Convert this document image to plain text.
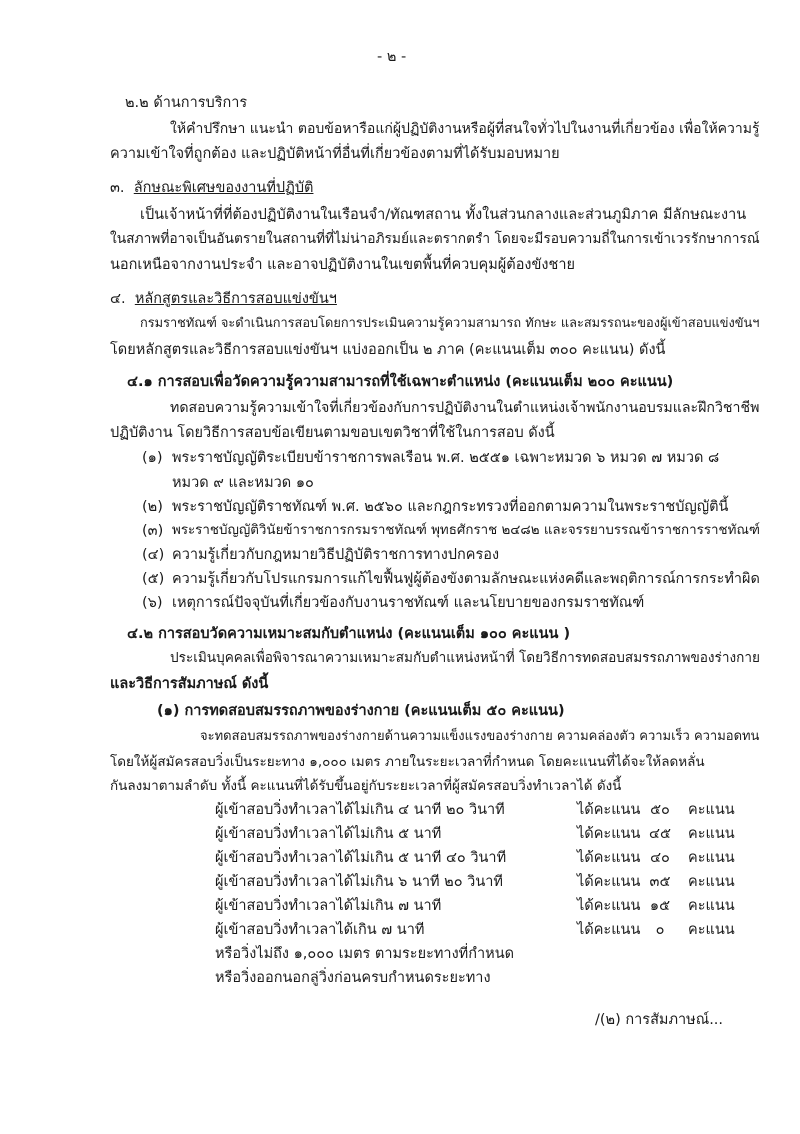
- ๒ -
๒.๒ ด้านการบริการ
ให้คำปรึกษา แนะนำ ตอบข้อหารือแก่ผู้ปฏิบัติงานหรือผู้ที่สนใจทั่วไปในงานที่เกี่ยวข้อง เพื่อให้ความรู้
ความเข้าใจที่ถูกต้อง และปฏิบัติหน้าที่อื่นที่เกี่ยวข้องตามที่ได้รับมอบหมาย
๓. ลักษณะพิเศษของงานที่ปฏิบัติ
เป็นเจ้าหน้าที่ที่ต้องปฏิบัติงานในเรือนจำ/ทัณฑสถาน ทั้งในส่วนกลางและส่วนภูมิภาค มีลักษณะงาน
ในสภาพที่อาจเป็นอันตรายในสถานที่ที่ไม่น่าอภิรมย์และตรากตรำ โดยจะมีรอบความถี่ในการเข้าเวรรักษาการณ์
นอกเหนือจากงานประจำ และอาจปฏิบัติงานในเขตพื้นที่ควบคุมผู้ต้องขังชาย
๔. หลักสูตรและวิธีการสอบแข่งขันฯ
กรมราชทัณฑ์ จะดำเนินการสอบโดยการประเมินความรู้ความสามารถ ทักษะ และสมรรถนะของผู้เข้าสอบแข่งขันฯ
โดยหลักสูตรและวิธีการสอบแข่งขันฯ แบ่งออกเป็น ๒ ภาค (คะแนนเต็ม ๓๐๐ คะแนน) ดังนี้
๔.๑ การสอบเพื่อวัดความรู้ความสามารถที่ใช้เฉพาะตำแหน่ง (คะแนนเต็ม ๒๐๐ คะแนน)
ทดสอบความรู้ความเข้าใจที่เกี่ยวข้องกับการปฏิบัติงานในตำแหน่งเจ้าพนักงานอบรมและฝึกวิชาชีพ
ปฏิบัติงาน โดยวิธีการสอบข้อเขียนตามขอบเขตวิชาที่ใช้ในการสอบ ดังนี้
(๑) พระราชบัญญัติระเบียบข้าราชการพลเรือน พ.ศ. ๒๕๕๑ เฉพาะหมวด ๖ หมวด ๗ หมวด ๘
หมวด ๙ และหมวด ๑๐
(๒) พระราชบัญญัติราชทัณฑ์ พ.ศ. ๒๕๖๐ และกฎกระทรวงที่ออกตามความในพระราชบัญญัตินี้
(๓) พระราชบัญญัติวินัยข้าราชการกรมราชทัณฑ์ พุทธศักราช ๒๔๘๒ และจรรยาบรรณข้าราชการราชทัณฑ์
(๔) ความรู้เกี่ยวกับกฎหมายวิธีปฏิบัติราชการทางปกครอง
(๕) ความรู้เกี่ยวกับโปรแกรมการแก้ไขฟื้นฟูผู้ต้องขังตามลักษณะแห่งคดีและพฤติการณ์การกระทำผิด
(๖) เหตุการณ์ปัจจุบันที่เกี่ยวข้องกับงานราชทัณฑ์ และนโยบายของกรมราชทัณฑ์
๔.๒ การสอบวัดความเหมาะสมกับตำแหน่ง (คะแนนเต็ม ๑๐๐ คะแนน )
ประเมินบุคคลเพื่อพิจารณาความเหมาะสมกับตำแหน่งหน้าที่ โดยวิธีการทดสอบสมรรถภาพของร่างกาย
และวิธีการสัมภาษณ์ ดังนี้
(๑) การทดสอบสมรรถภาพของร่างกาย (คะแนนเต็ม ๕๐ คะแนน)
จะทดสอบสมรรถภาพของร่างกายด้านความแข็งแรงของร่างกาย ความคล่องตัว ความเร็ว ความอดทน
โดยให้ผู้สมัครสอบวิ่งเป็นระยะทาง ๑,๐๐๐ เมตร ภายในระยะเวลาที่กำหนด โดยคะแนนที่ได้จะให้ลดหลั่น
กันลงมาตามลำดับ ทั้งนี้ คะแนนที่ได้รับขึ้นอยู่กับระยะเวลาที่ผู้สมัครสอบวิ่งทำเวลาได้ ดังนี้
ผู้เข้าสอบวิ่งทำเวลาได้ไม่เกิน ๔ นาที ๒๐ วินาที	ได้คะแนน ๕๐	คะแนน
ผู้เข้าสอบวิ่งทำเวลาได้ไม่เกิน ๕ นาที	ได้คะแนน ๔๕ คะแนน
ผู้เข้าสอบวิ่งทำเวลาได้ไม่เกิน ๕ นาที ๔๐ วินาที	ได้คะแนน ๔๐	คะแนน
ผู้เข้าสอบวิ่งทำเวลาได้ไม่เกิน ๖ นาที ๒๐ วินาที	ได้คะแนน ๓๕	คะแนน
ผู้เข้าสอบวิ่งทำเวลาได้ไม่เกิน ๗ นาที	ได้คะแนน ๑๕	คะแนน
ผู้เข้าสอบวิ่งทำเวลาได้เกิน ๗ นาที	ได้คะแนน	๐	คะแนน
หรือวิ่งไม่ถึง ๑,๐๐๐ เมตร ตามระยะทางที่กำหนด
หรือวิ่งออกนอกลู่วิ่งก่อนครบกำหนดระยะทาง
/(๒) การสัมภาษณ์...
